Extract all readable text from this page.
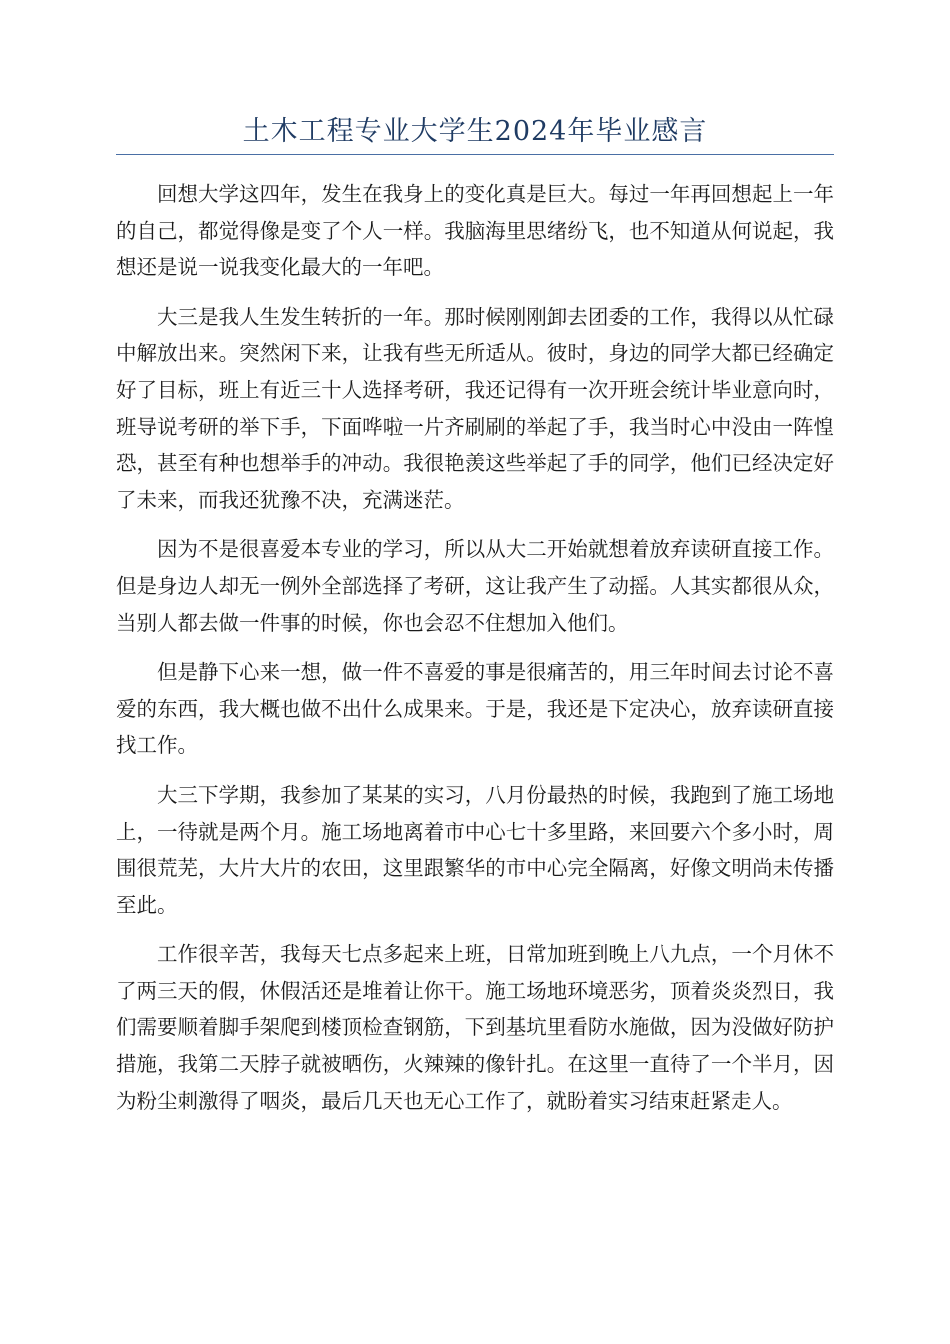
土木工程专业大学生2024年毕业感言

回想大学这四年，发生在我身上的变化真是巨大。每过一年再回想起上一年的自己，都觉得像是变了个人一样。我脑海里思绪纷飞，也不知道从何说起，我想还是说一说我变化最大的一年吧。

大三是我人生发生转折的一年。那时候刚刚卸去团委的工作，我得以从忙碌中解放出来。突然闲下来，让我有些无所适从。彼时，身边的同学大都已经确定好了目标，班上有近三十人选择考研，我还记得有一次开班会统计毕业意向时，班导说考研的举下手，下面哗啦一片齐刷刷的举起了手，我当时心中没由一阵惶恐，甚至有种也想举手的冲动。我很艳羡这些举起了手的同学，他们已经决定好了未来，而我还犹豫不决，充满迷茫。

因为不是很喜爱本专业的学习，所以从大二开始就想着放弃读研直接工作。但是身边人却无一例外全部选择了考研，这让我产生了动摇。人其实都很从众，当别人都去做一件事的时候，你也会忍不住想加入他们。

但是静下心来一想，做一件不喜爱的事是很痛苦的，用三年时间去讨论不喜爱的东西，我大概也做不出什么成果来。于是，我还是下定决心，放弃读研直接找工作。

大三下学期，我参加了某某的实习，八月份最热的时候，我跑到了施工场地上，一待就是两个月。施工场地离着市中心七十多里路，来回要六个多小时，周围很荒芜，大片大片的农田，这里跟繁华的市中心完全隔离，好像文明尚未传播至此。

工作很辛苦，我每天七点多起来上班，日常加班到晚上八九点，一个月休不了两三天的假，休假活还是堆着让你干。施工场地环境恶劣，顶着炎炎烈日，我们需要顺着脚手架爬到楼顶检查钢筋，下到基坑里看防水施做，因为没做好防护措施，我第二天脖子就被晒伤，火辣辣的像针扎。在这里一直待了一个半月，因为粉尘刺激得了咽炎，最后几天也无心工作了，就盼着实习结束赶紧走人。
